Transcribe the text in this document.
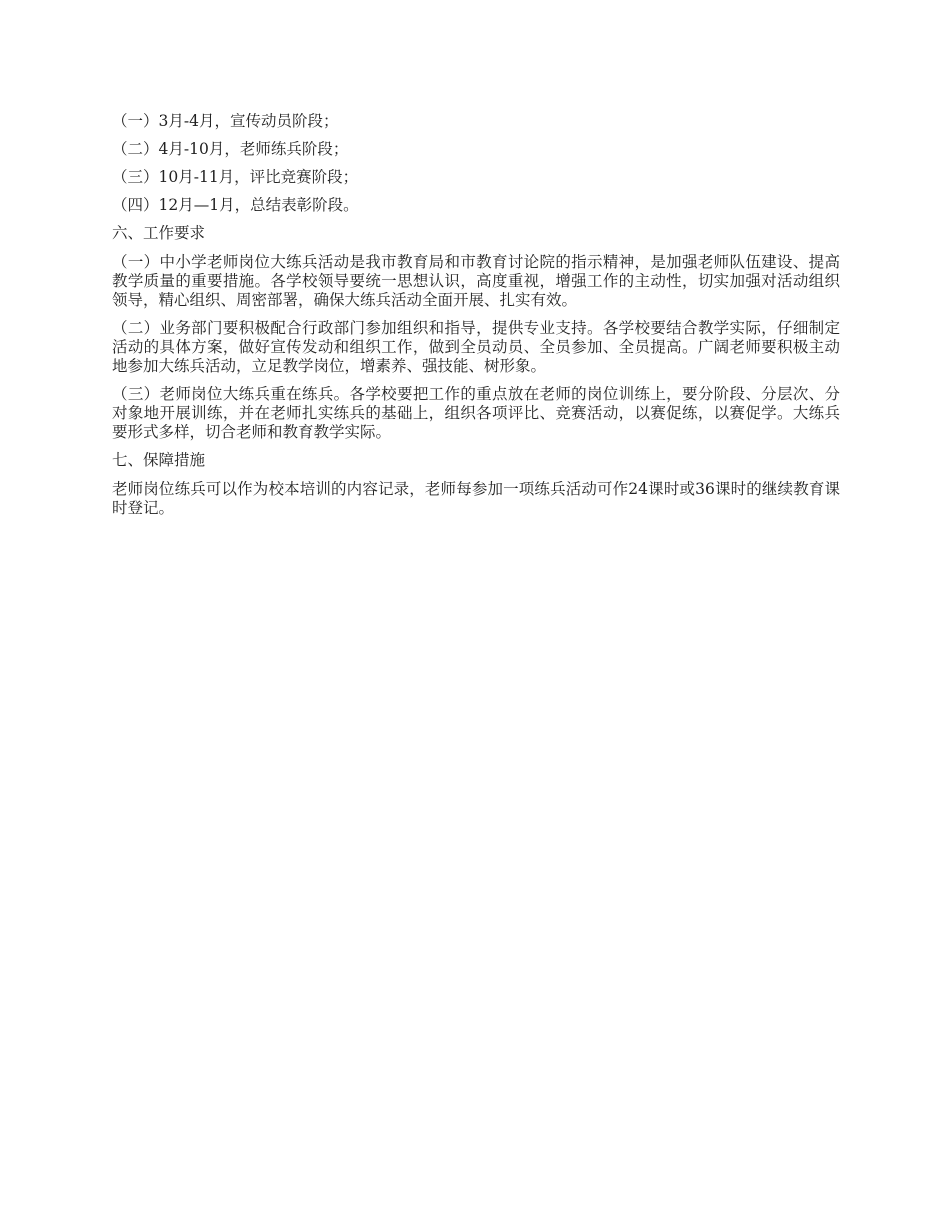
（一）3月-4月，宣传动员阶段；

（二）4月-10月，老师练兵阶段；

（三）10月-11月，评比竞赛阶段；

（四）12月—1月，总结表彰阶段。

六、工作要求

（一）中小学老师岗位大练兵活动是我市教育局和市教育讨论院的指示精神，是加强老师队伍建设、提高教学质量的重要措施。各学校领导要统一思想认识，高度重视，增强工作的主动性，切实加强对活动组织领导，精心组织、周密部署，确保大练兵活动全面开展、扎实有效。

（二）业务部门要积极配合行政部门参加组织和指导，提供专业支持。各学校要结合教学实际，仔细制定活动的具体方案，做好宣传发动和组织工作，做到全员动员、全员参加、全员提高。广阔老师要积极主动地参加大练兵活动，立足教学岗位，增素养、强技能、树形象。

（三）老师岗位大练兵重在练兵。各学校要把工作的重点放在老师的岗位训练上，要分阶段、分层次、分对象地开展训练，并在老师扎实练兵的基础上，组织各项评比、竞赛活动，以赛促练，以赛促学。大练兵要形式多样，切合老师和教育教学实际。

七、保障措施

老师岗位练兵可以作为校本培训的内容记录，老师每参加一项练兵活动可作24课时或36课时的继续教育课时登记。
